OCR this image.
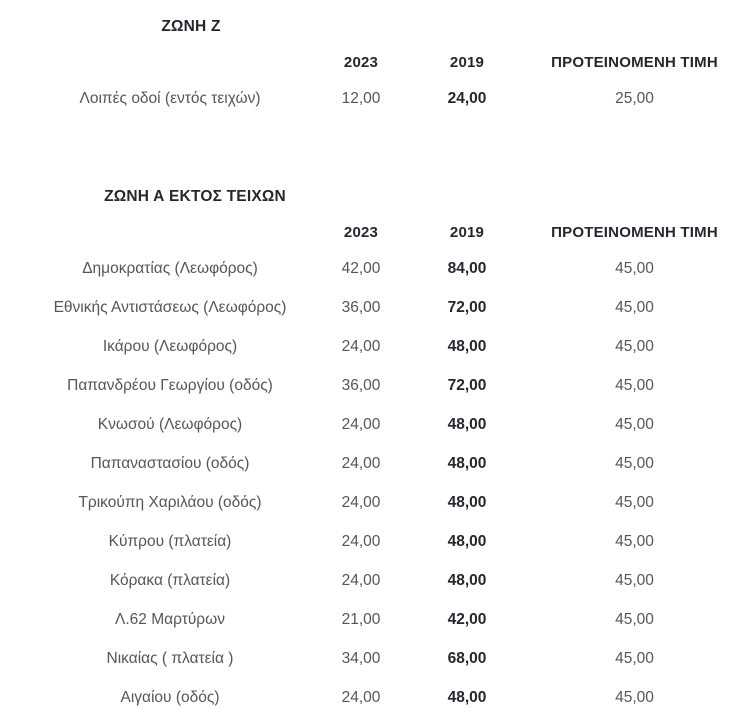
ΖΩΝΗ Ζ
	2023	2019	ΠΡΟΤΕΙΝΟΜΕΝΗ ΤΙΜΗ
Λοιπές οδοί (εντός τειχών)	12,00	24,00	25,00
ΖΩΝΗ Α ΕΚΤΟΣ ΤΕΙΧΩΝ
	2023	2019	ΠΡΟΤΕΙΝΟΜΕΝΗ ΤΙΜΗ
Δημοκρατίας (Λεωφόρος)	42,00	84,00	45,00
Εθνικής Αντιστάσεως (Λεωφόρος)	36,00	72,00	45,00
Ικάρου (Λεωφόρος)	24,00	48,00	45,00
Παπανδρέου Γεωργίου (οδός)	36,00	72,00	45,00
Κνωσού (Λεωφόρος)	24,00	48,00	45,00
Παπαναστασίου (οδός)	24,00	48,00	45,00
Τρικούπη Χαριλάου (οδός)	24,00	48,00	45,00
Κύπρου (πλατεία)	24,00	48,00	45,00
Κόρακα (πλατεία)	24,00	48,00	45,00
Λ.62 Μαρτύρων	21,00	42,00	45,00
Νικαίας ( πλατεία )	34,00	68,00	45,00
Αιγαίου (οδός)	24,00	48,00	45,00
